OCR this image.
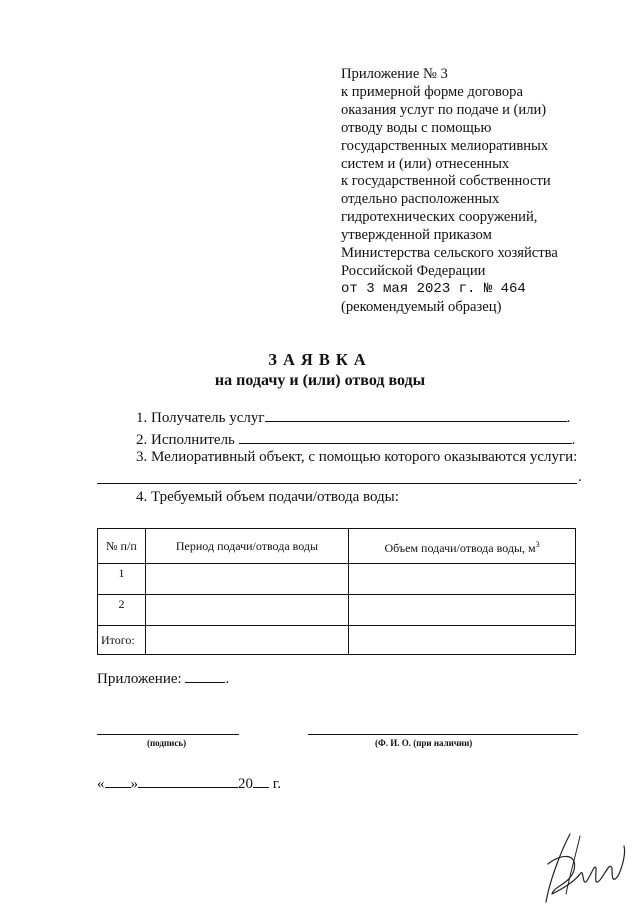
Приложение № 3
к примерной форме договора
оказания услуг по подаче и (или)
отводу воды с помощью
государственных мелиоративных
систем и (или) отнесенных
к государственной собственности
отдельно расположенных
гидротехнических сооружений,
утвержденной приказом
Министерства сельского хозяйства
Российской Федерации
от 3 мая 2023 г. № 464
(рекомендуемый образец)
ЗАЯВКА
на подачу и (или) отвод воды
1. Получатель услуг	.
2. Исполнитель	.
3. Мелиоративный объект, с помощью которого оказываются услуги:
.
4. Требуемый объем подачи/отвода воды:
№ п/п	Период подачи/отвода воды	Объем подачи/отвода воды, $м^3$
1		
2		
Итого:		
Приложение:	.
(подпись)	(Ф. И. О. (при наличии)
« »	20 г.
